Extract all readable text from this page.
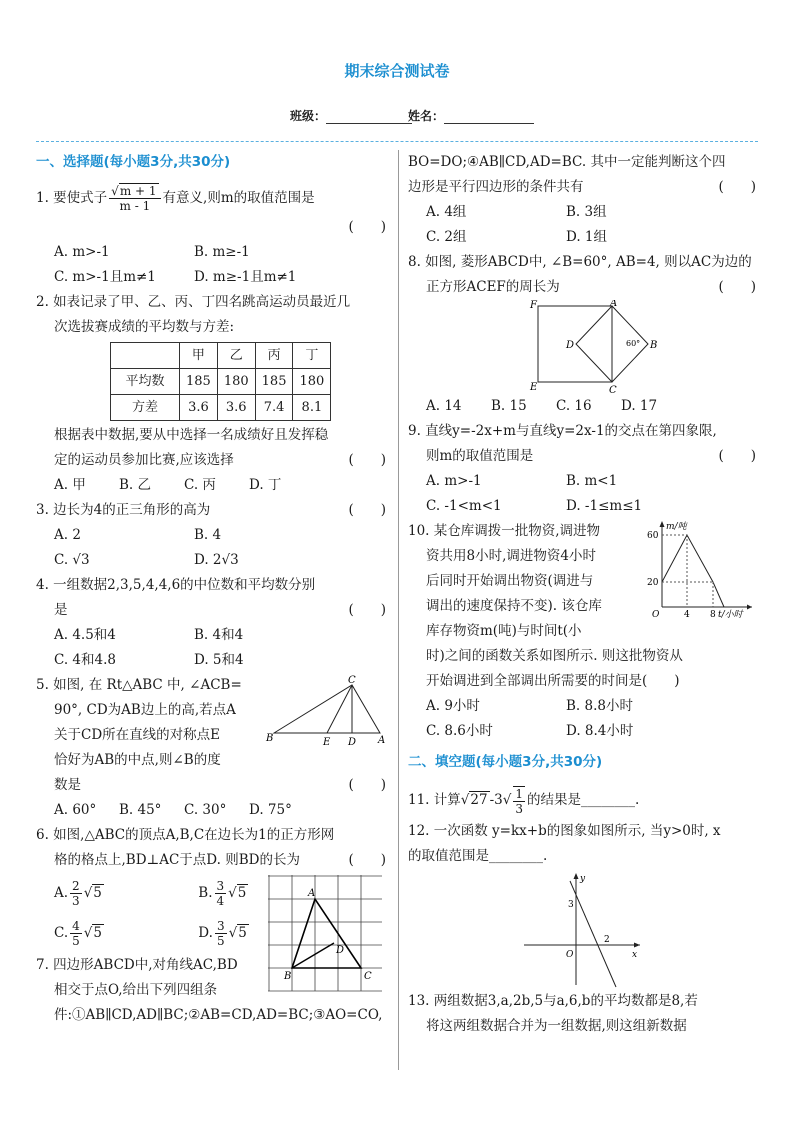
期末综合测试卷
班级：	姓名：
一、选择题(每小题3分,共30分)
1. 要使式子 $\frac{√m + 1}{m - 1}$ 有意义,则m的取值范围是
(　　)
A. m>-1	B. m≥-1
C. m>-1且m≠1	D. m≥-1且m≠1
2. 如表记录了甲、乙、丙、丁四名跳高运动员最近几
次选拔赛成绩的平均数与方差:
	甲	乙	丙	丁
平均数	185	180	185	180
方差	3.6	3.6	7.4	8.1
根据表中数据,要从中选择一名成绩好且发挥稳
定的运动员参加比赛,应该选择	(　　)
A. 甲 B. 乙 C. 丙 D. 丁
3. 边长为4的正三角形的高为	(　　)
A. 2	B. 4
C. √3	D. 2√3
4. 一组数据2,3,5,4,4,6的中位数和平均数分别
是	(　　)
A. 4.5和4	B. 4和4
C. 4和4.8	D. 5和4
5. 如图, 在 Rt△ABC 中, ∠ACB=
90°, CD为AB边上的高,若点A
关于CD所在直线的对称点E
恰好为AB的中点,则∠B的度
数是	(　　)
A. 60° B. 45° C. 30° D. 75°
C
B	E D A
6. 如图,△ABC的顶点A,B,C在边长为1的正方形网
格的格点上,BD⊥AC于点D. 则BD的长为	(　　)
A. $\frac{2}{3} √5$	B. $\frac{3}{4} √5$
C. $\frac{4}{5} √5$	D. $\frac{3}{5} √5$
A
B	C
D
7. 四边形ABCD中,对角线AC,BD
相交于点O,给出下列四组条
件:①AB∥CD,AD∥BC;②AB=CD,AD=BC;③AO=CO,
BO=DO;④AB∥CD,AD=BC. 其中一定能判断这个四
边形是平行四边形的条件共有	(　　)
A. 4组	B. 3组
C. 2组	D. 1组
8. 如图, 菱形ABCD中, ∠B=60°, AB=4, 则以AC为边的
正方形ACEF的周长为	(　　)
F	A
D	B
E	C
60°
A. 14 B. 15 C. 16 D. 17
9. 直线y=-2x+m与直线y=2x-1的交点在第四象限,
则m的取值范围是	(　　)
A. m>-1	B. m<1
C. -1<m<1	D. -1≤m≤1
10. 某仓库调拨一批物资,调进物
资共用8小时,调进物资4小时
后同时开始调出物资(调进与
调出的速度保持不变). 该仓库
库存物资m(吨)与时间t(小
时)之间的函数关系如图所示. 则这批物资从
开始调进到全部调出所需要的时间是(　　)
A. 9小时	B. 8.8小时
C. 8.6小时	D. 8.4小时
m/吨
60
20
O	4 8 t/小时
二、填空题(每小题3分,共30分)
11. 计算√27 $-3√ \frac{1}{3}$ 的结果是________.
12. 一次函数 y=kx+b的图象如图所示, 当y>0时, x
的取值范围是________.
y
x
O
3
2
13. 两组数据3,a,2b,5与a,6,b的平均数都是8,若
将这两组数据合并为一组数据,则这组新数据
